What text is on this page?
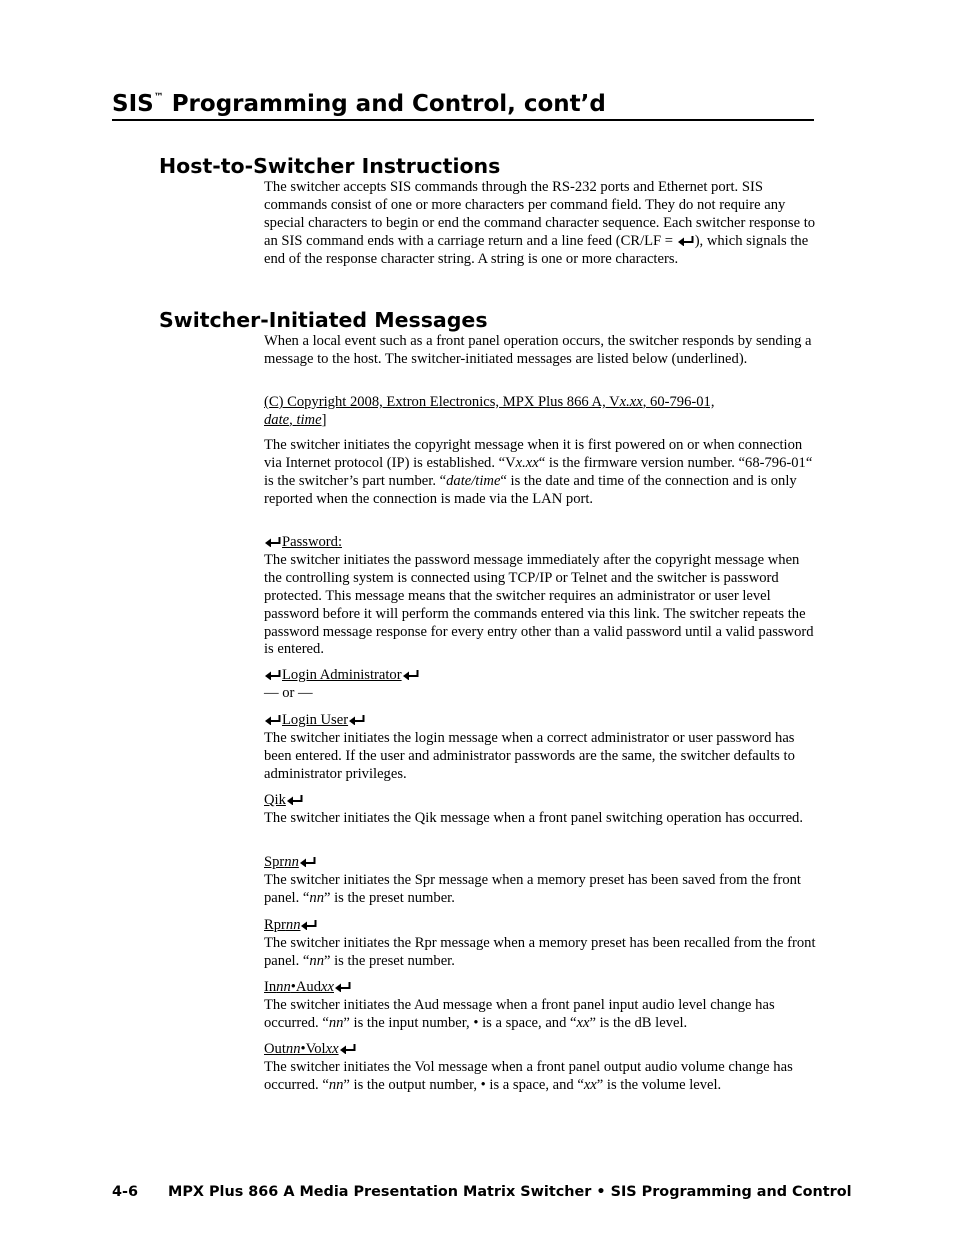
SIS™ Programming and Control, cont’d
Host-to-Switcher Instructions

The switcher accepts SIS commands through the RS-232 ports and Ethernet port. SIS commands consist of one or more characters per command field. They do not require any special characters to begin or end the command character sequence. Each switcher response to an SIS command ends with a carriage return and a line feed (CR/LF = ), which signals the end of the response character string. A string is one or more characters.

Switcher-Initiated Messages

When a local event such as a front panel operation occurs, the switcher responds by sending a message to the host. The switcher-initiated messages are listed below (underlined).

(C) Copyright 2008, Extron Electronics, MPX Plus 866 A, Vx.xx, 60-796-01,
date, time]

The switcher initiates the copyright message when it is first powered on or when connection via Internet protocol (IP) is established. “Vx.xx“ is the firmware version number. “68-796-01“ is the switcher’s part number. “date/time“ is the date and time of the connection and is only reported when the connection is made via the LAN port.

Password:

The switcher initiates the password message immediately after the copyright message when the controlling system is connected using TCP/IP or Telnet and the switcher is password protected. This message means that the switcher requires an administrator or user level password before it will perform the commands entered via this link. The switcher repeats the password message response for every entry other than a valid password until a valid password is entered.

Login Administrator

— or —

Login User

The switcher initiates the login message when a correct administrator or user password has been entered. If the user and administrator passwords are the same, the switcher defaults to administrator privileges.

Qik

The switcher initiates the Qik message when a front panel switching operation has occurred.

Sprnn

The switcher initiates the Spr message when a memory preset has been saved from the front panel. “nn” is the preset number.

Rprnn

The switcher initiates the Rpr message when a memory preset has been recalled from the front panel. “nn” is the preset number.

Innn•Audxx

The switcher initiates the Aud message when a front panel input audio level change has occurred. “nn” is the input number, • is a space, and “xx” is the dB level.

Outnn•Volxx

The switcher initiates the Vol message when a front panel output audio volume change has occurred. “nn” is the output number, • is a space, and “xx” is the volume level.

4-6 MPX Plus 866 A Media Presentation Matrix Switcher • SIS Programming and Control
